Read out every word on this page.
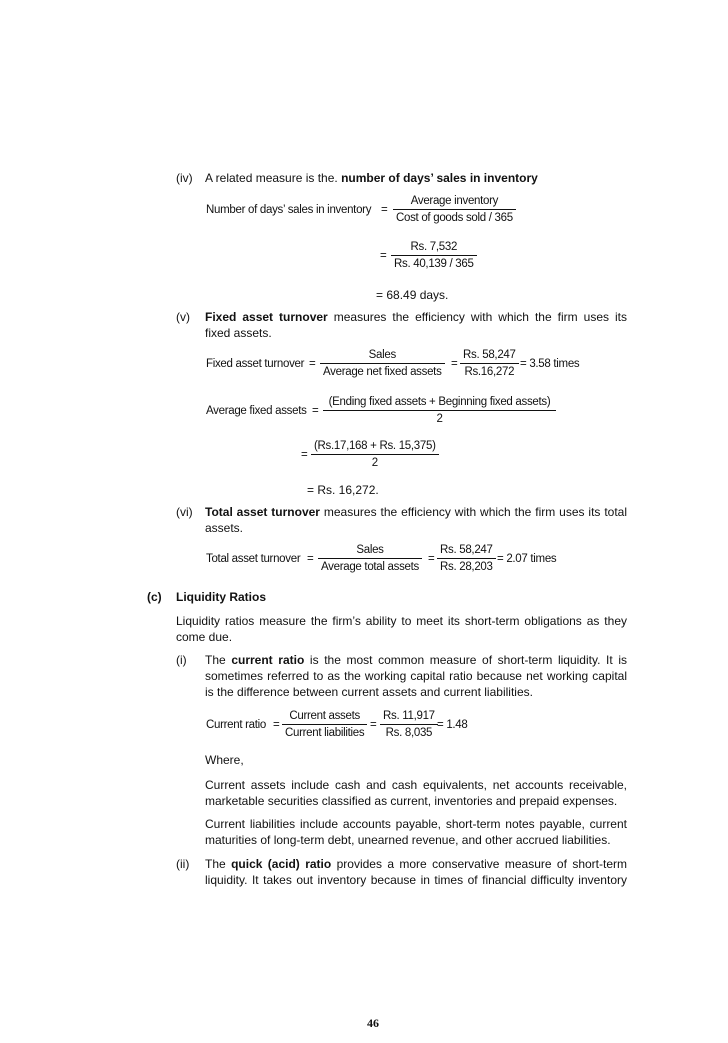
(iv) A related measure is the. number of days’ sales in inventory
Number of days’ sales in inventory =
Average inventory
Cost of goods sold / 365
= $\frac{Rs. 7,532}{Rs. 40,139 / 365}$
= 68.49 days.
(v) Fixed asset turnover measures the efficiency with which the firm uses its
fixed assets.
Fixed asset turnover =
Sales
Average net fixed assets
= $\frac{Rs. 58,247}{Rs.16,272} = 3.58$ times
Average fixed assets =
(Ending fixed assets + Beginning fixed assets)
2
= $\frac{(Rs.17,168 + Rs. 15,375)}{2}$
= Rs. 16,272.
(vi) Total asset turnover measures the efficiency with which the firm uses its total
assets.
Total asset turnover =
Sales
Average total assets
= $\frac{Rs. 58,247}{Rs. 28,203} = 2.07$ times
(c) Liquidity Ratios
Liquidity ratios measure the firm’s ability to meet its short-term obligations as they
come due.
(i) The current ratio is the most common measure of short-term liquidity. It is
sometimes referred to as the working capital ratio because net working capital
is the difference between current assets and current liabilities.
Current ratio =
Current assets
Current liabilities
= $\frac{Rs. 11,917}{Rs. 8,035} = 1.48$
Where,
Current assets include cash and cash equivalents, net accounts receivable,
marketable securities classified as current, inventories and prepaid expenses.
Current liabilities include accounts payable, short-term notes payable, current
maturities of long-term debt, unearned revenue, and other accrued liabilities.
(ii) The quick (acid) ratio provides a more conservative measure of short-term
liquidity. It takes out inventory because in times of financial difficulty inventory
46
